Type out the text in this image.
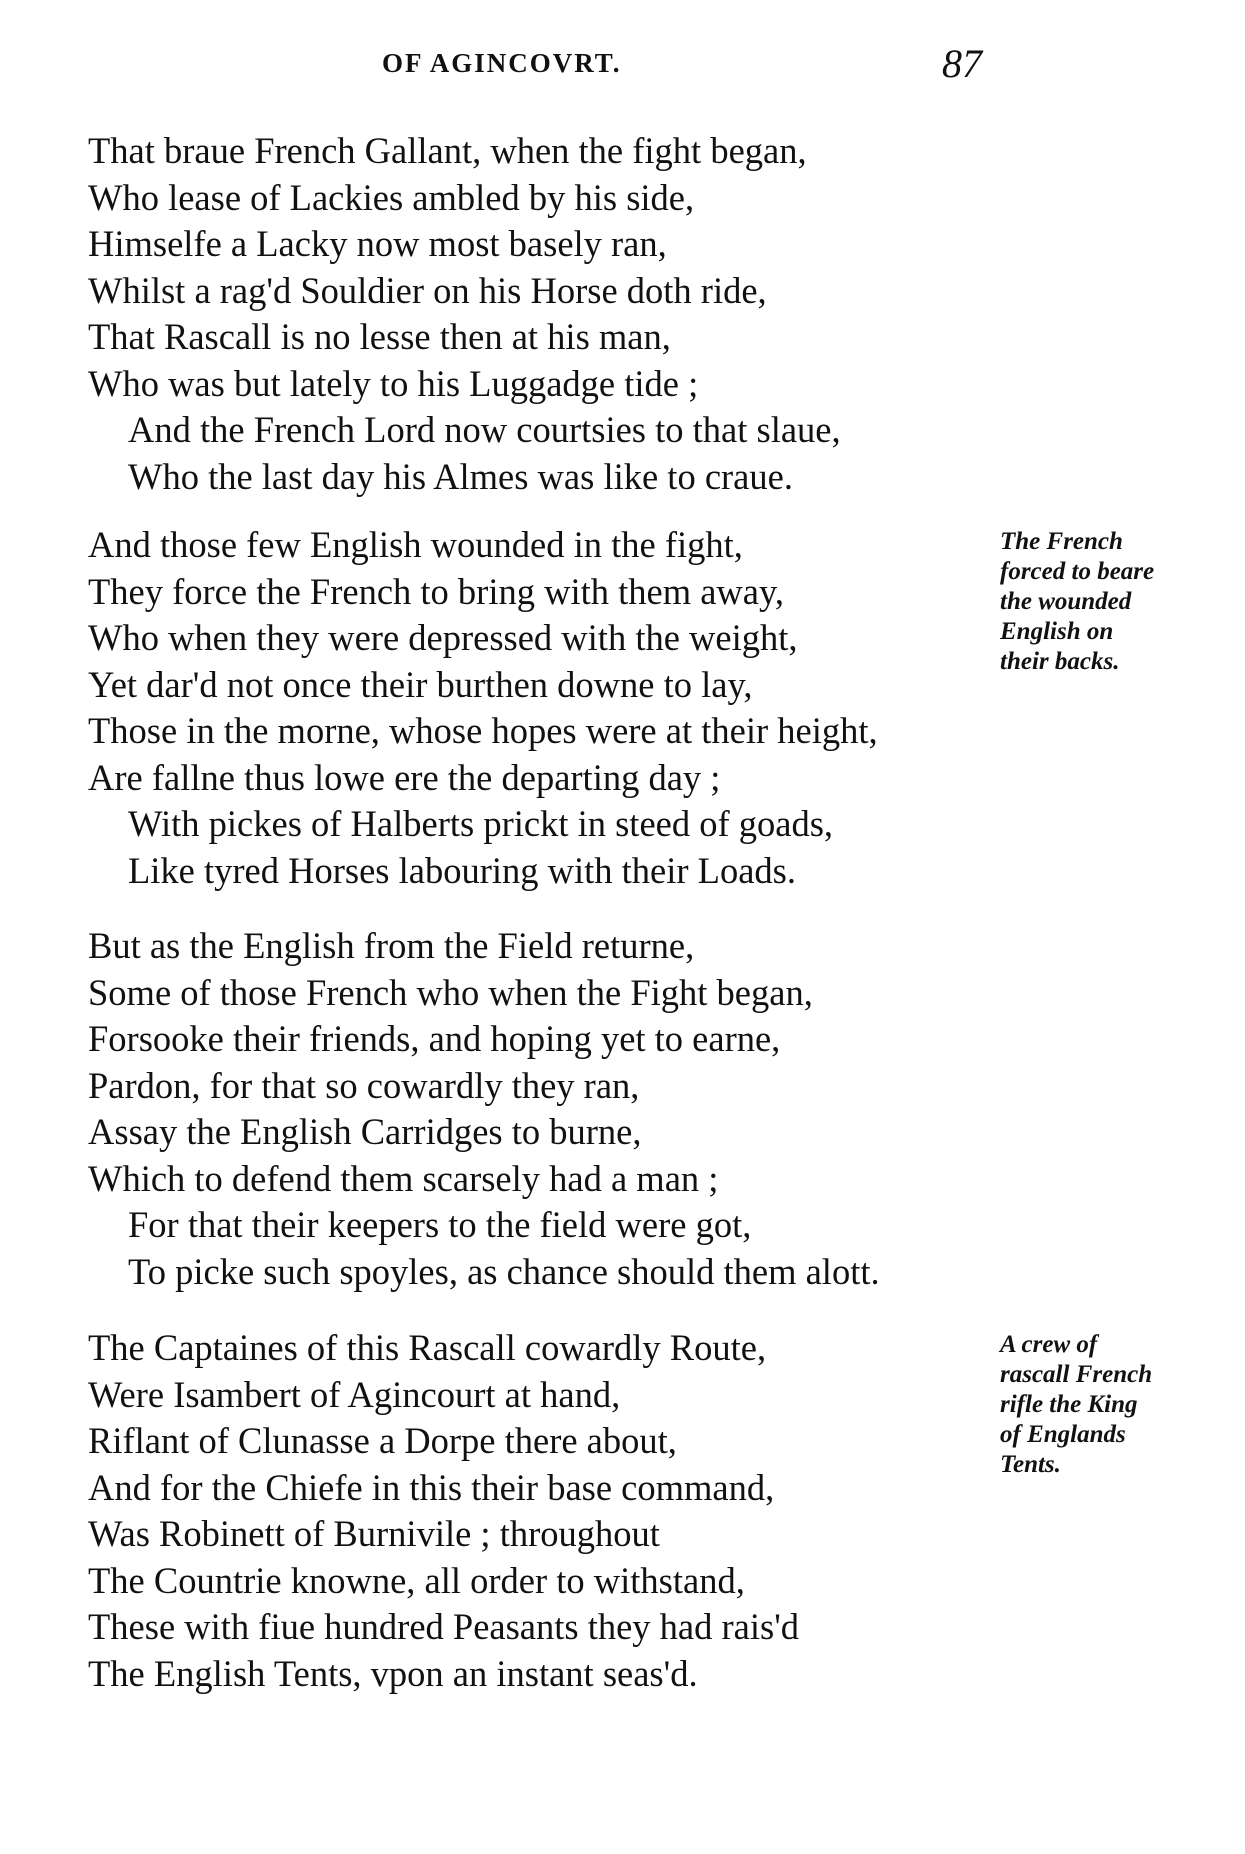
OF AGINCOVRT.	87
That braue French Gallant, when the fight began,
Who lease of Lackies ambled by his side,
Himselfe a Lacky now most basely ran,
Whilst a rag'd Souldier on his Horse doth ride,
That Rascall is no lesse then at his man,
Who was but lately to his Luggadge tide ;
And the French Lord now courtsies to that slaue,
Who the last day his Almes was like to craue.
And those few English wounded in the fight,
They force the French to bring with them away,
Who when they were depressed with the weight,
Yet dar'd not once their burthen downe to lay,
Those in the morne, whose hopes were at their height,
Are fallne thus lowe ere the departing day ;
With pickes of Halberts prickt in steed of goads,
Like tyred Horses labouring with their Loads.
But as the English from the Field returne,
Some of those French who when the Fight began,
Forsooke their friends, and hoping yet to earne,
Pardon, for that so cowardly they ran,
Assay the English Carridges to burne,
Which to defend them scarsely had a man ;
For that their keepers to the field were got,
To picke such spoyles, as chance should them alott.
The Captaines of this Rascall cowardly Route,
Were Isambert of Agincourt at hand,
Riflant of Clunasse a Dorpe there about,
And for the Chiefe in this their base command,
Was Robinett of Burnivile ; throughout
The Countrie knowne, all order to withstand,
These with fiue hundred Peasants they had rais'd
The English Tents, vpon an instant seas'd.
The French
forced to beare
the wounded
English on
their backs.
A crew of
rascall French
rifle the King
of Englands
Tents.
